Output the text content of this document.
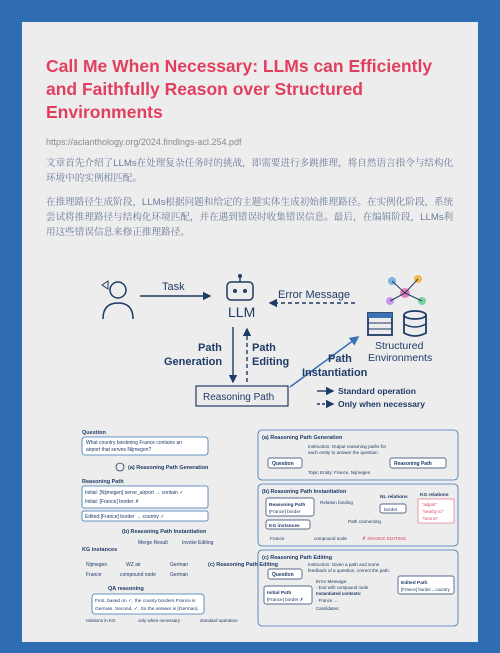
Call Me When Necessary: LLMs can Efficiently and Faithfully Reason over Structured Environments
https://aclanthology.org/2024.findings-acl.254.pdf
文章首先介绍了LLMs在处理复杂任务时的挑战，即需要进行多跳推理，将自然语言指令与结构化环境中的实例相匹配。
在推理路径生成阶段，LLMs根据问题和给定的主题实体生成初始推理路径。在实例化阶段，系统尝试将推理路径与结构化环境匹配，并在遇到错误时收集错误信息。最后，在编辑阶段，LLMs利用这些错误信息来修正推理路径。
Task
LLM
Error Message
Structured
Environments
Path
Generation
Path
Editing	Path
Instantiation
Reasoning Path
Standard operation
Only when necessary
Question
What country bordering France contains an
airport that serves Nijmegen?
(a) Reasoning Path Generation
Reasoning Path
Initial: [Nijmegen] serve_airport → contain ✓
Initial: [France] border ✗
Edited:[France] border → country ✓
(b) Reasoning Path Instantiation
KG instances
Merge Result	Invoke Editing
(c) Reasoning Path Editing
Nijmegen	WZ air	German
France	compound node	German
QA reasoning
First, based on ✓, the county borders France is
German. Second, ✓, So the answer is [German].
relations in KG	only when necessary	standard operation
(a) Reasoning Path Generation
Instruction: Output reasoning paths for
each entity to answer the question
Question
Topic Entity: France, Nijmegen
Reasoning Path
(b) Reasoning Path Instantiation
Reasoning Path
[France] border
Relation binding
NL relations
border
KG relations
"adjoin"
"nearby to"
"next to"
Path connecting
KG instances
France	compound node	✗ INVOKE EDITING
(c) Reasoning Path Editing
Instruction: Given a path and some
feedback of a question, correct the path.
Question
Initial Path
[France] border ✗
Error Message:
· End with compound node
Instantiated contexts:
· France ...
Candidates:
Edited Path
[France] border→country
